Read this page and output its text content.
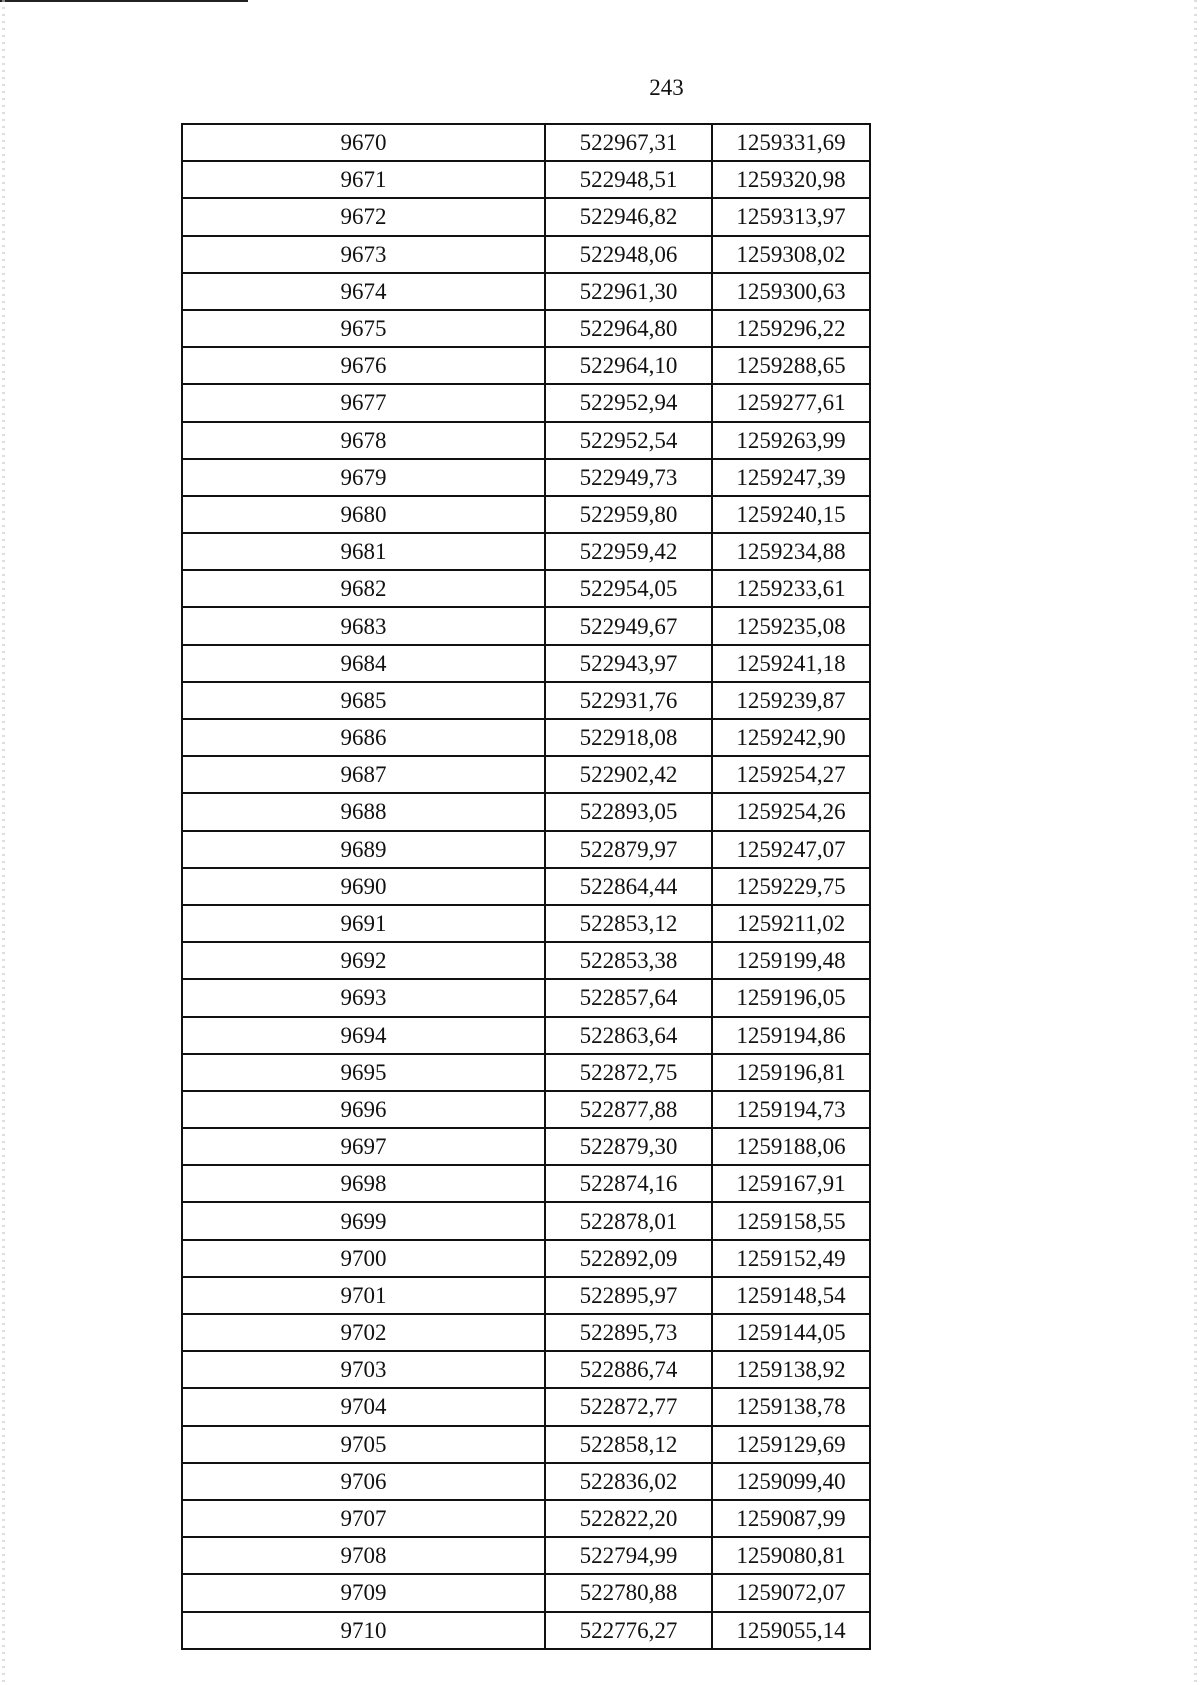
243
9670	522967,31	1259331,69
9671	522948,51	1259320,98
9672	522946,82	1259313,97
9673	522948,06	1259308,02
9674	522961,30	1259300,63
9675	522964,80	1259296,22
9676	522964,10	1259288,65
9677	522952,94	1259277,61
9678	522952,54	1259263,99
9679	522949,73	1259247,39
9680	522959,80	1259240,15
9681	522959,42	1259234,88
9682	522954,05	1259233,61
9683	522949,67	1259235,08
9684	522943,97	1259241,18
9685	522931,76	1259239,87
9686	522918,08	1259242,90
9687	522902,42	1259254,27
9688	522893,05	1259254,26
9689	522879,97	1259247,07
9690	522864,44	1259229,75
9691	522853,12	1259211,02
9692	522853,38	1259199,48
9693	522857,64	1259196,05
9694	522863,64	1259194,86
9695	522872,75	1259196,81
9696	522877,88	1259194,73
9697	522879,30	1259188,06
9698	522874,16	1259167,91
9699	522878,01	1259158,55
9700	522892,09	1259152,49
9701	522895,97	1259148,54
9702	522895,73	1259144,05
9703	522886,74	1259138,92
9704	522872,77	1259138,78
9705	522858,12	1259129,69
9706	522836,02	1259099,40
9707	522822,20	1259087,99
9708	522794,99	1259080,81
9709	522780,88	1259072,07
9710	522776,27	1259055,14
